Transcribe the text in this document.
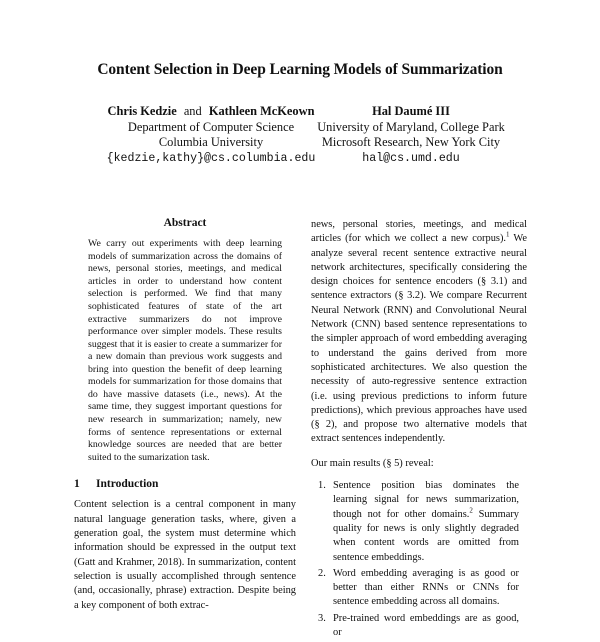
Content Selection in Deep Learning Models of Summarization
Chris Kedzie and Kathleen McKeown
Department of Computer Science
Columbia University
{kedzie,kathy}@cs.columbia.edu
Hal Daumé III
University of Maryland, College Park
Microsoft Research, New York City
hal@cs.umd.edu
Abstract
We carry out experiments with deep learning models of summarization across the domains of news, personal stories, meetings, and medical articles in order to understand how content selection is performed. We find that many sophisticated features of state of the art extractive summarizers do not improve performance over simpler models. These results suggest that it is easier to create a summarizer for a new domain than previous work suggests and bring into question the benefit of deep learning models for summarization for those domains that do have massive datasets (i.e., news). At the same time, they suggest important questions for new research in summarization; namely, new forms of sentence representations or external knowledge sources are needed that are better suited to the sumarization task.
1 Introduction

Content selection is a central component in many natural language generation tasks, where, given a generation goal, the system must determine which information should be expressed in the output text (Gatt and Krahmer, 2018). In summarization, content selection is usually accomplished through sentence (and, occasionally, phrase) extraction. Despite being a key component of both extrac-

news, personal stories, meetings, and medical articles (for which we collect a new corpus).$^1$ We analyze several recent sentence extractive neural network architectures, specifically considering the design choices for sentence encoders (§ 3.1) and sentence extractors (§ 3.2). We compare Recurrent Neural Network (RNN) and Convolutional Neural Network (CNN) based sentence representations to the simpler approach of word embedding averaging to understand the gains derived from more sophisticated architectures. We also question the necessity of auto-regressive sentence extraction (i.e. using previous predictions to inform future predictions), which previous approaches have used (§ 2), and propose two alternative models that extract sentences independently.

Our main results (§ 5) reveal:
1. Sentence position bias dominates the learning signal for news summarization, though not for other domains.$^2$ Summary quality for news is only slightly degraded when content words are omitted from sentence embeddings.
2. Word embedding averaging is as good or better than either RNNs or CNNs for sentence embedding across all domains.
3. Pre-trained word embeddings are as good, or
